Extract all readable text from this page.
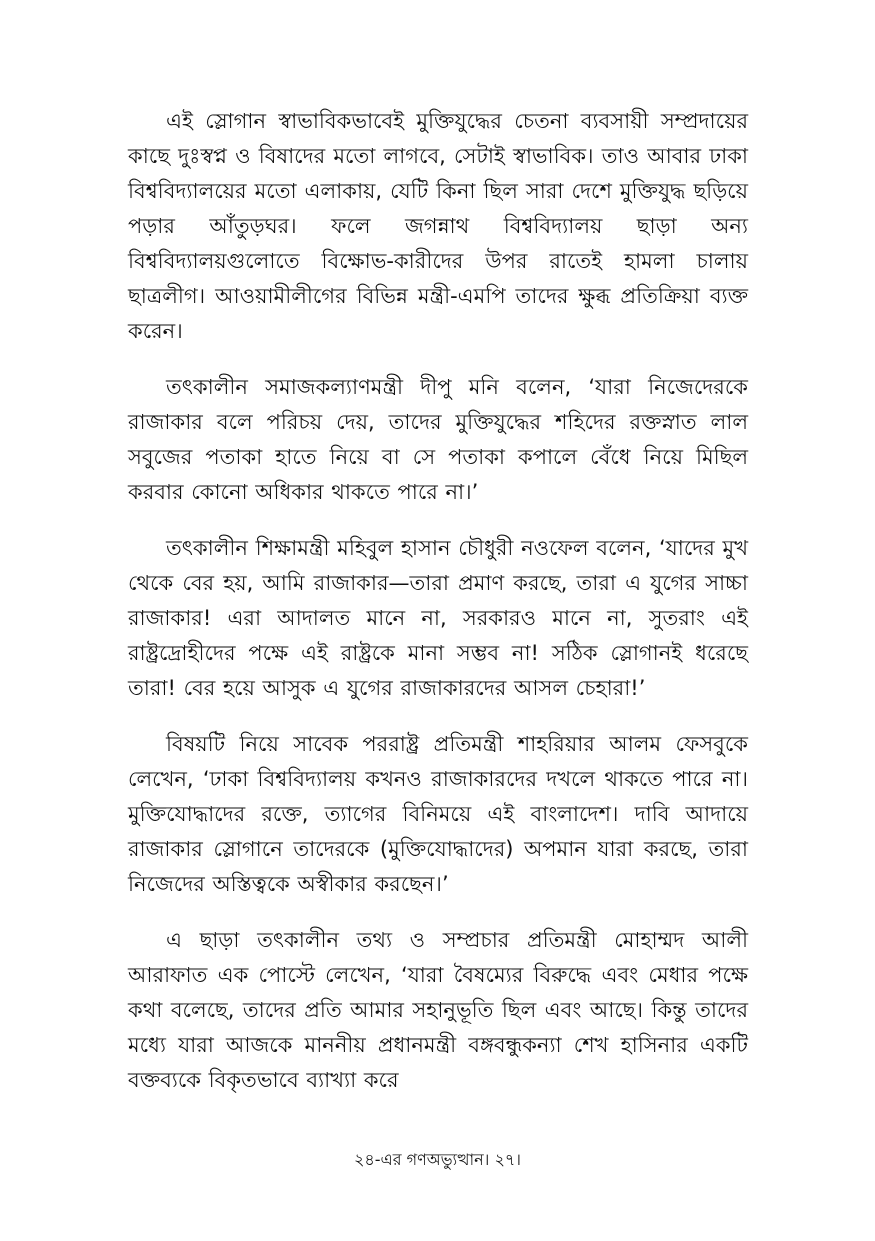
এই স্লোগান স্বাভাবিকভাবেই মুক্তিযুদ্ধের চেতনা ব্যবসায়ী সম্প্রদায়ের কাছে দুঃস্বপ্ন ও বিষাদের মতো লাগবে, সেটাই স্বাভাবিক। তাও আবার ঢাকা বিশ্ববিদ্যালয়ের মতো এলাকায়, যেটি কিনা ছিল সারা দেশে মুক্তিযুদ্ধ ছড়িয়ে পড়ার আঁতুড়ঘর। ফলে জগন্নাথ বিশ্ববিদ্যালয় ছাড়া অন্য বিশ্ববিদ্যালয়গুলোতে বিক্ষোভ-কারীদের উপর রাতেই হামলা চালায় ছাত্রলীগ। আওয়ামীলীগের বিভিন্ন মন্ত্রী-এমপি তাদের ক্ষুব্ধ প্রতিক্রিয়া ব্যক্ত করেন।

তৎকালীন সমাজকল্যাণমন্ত্রী দীপু মনি বলেন, ‘যারা নিজেদেরকে রাজাকার বলে পরিচয় দেয়, তাদের মুক্তিযুদ্ধের শহিদের রক্তস্নাত লাল সবুজের পতাকা হাতে নিয়ে বা সে পতাকা কপালে বেঁধে নিয়ে মিছিল করবার কোনো অধিকার থাকতে পারে না।’

তৎকালীন শিক্ষামন্ত্রী মহিবুল হাসান চৌধুরী নওফেল বলেন, ‘যাদের মুখ থেকে বের হয়, আমি রাজাকার—তারা প্রমাণ করছে, তারা এ যুগের সাচ্চা রাজাকার! এরা আদালত মানে না, সরকারও মানে না, সুতরাং এই রাষ্ট্রদ্রোহীদের পক্ষে এই রাষ্ট্রকে মানা সম্ভব না! সঠিক স্লোগানই ধরেছে তারা! বের হয়ে আসুক এ যুগের রাজাকারদের আসল চেহারা!’

বিষয়টি নিয়ে সাবেক পররাষ্ট্র প্রতিমন্ত্রী শাহরিয়ার আলম ফেসবুকে লেখেন, ‘ঢাকা বিশ্ববিদ্যালয় কখনও রাজাকারদের দখলে থাকতে পারে না। মুক্তিযোদ্ধাদের রক্তে, ত্যাগের বিনিময়ে এই বাংলাদেশ। দাবি আদায়ে রাজাকার স্লোগানে তাদেরকে (মুক্তিযোদ্ধাদের) অপমান যারা করছে, তারা নিজেদের অস্তিত্বকে অস্বীকার করছেন।’

এ ছাড়া তৎকালীন তথ্য ও সম্প্রচার প্রতিমন্ত্রী মোহাম্মদ আলী আরাফাত এক পোস্টে লেখেন, ‘যারা বৈষম্যের বিরুদ্ধে এবং মেধার পক্ষে কথা বলেছে, তাদের প্রতি আমার সহানুভূতি ছিল এবং আছে। কিন্তু তাদের মধ্যে যারা আজকে মাননীয় প্রধানমন্ত্রী বঙ্গবন্ধুকন্যা শেখ হাসিনার একটি বক্তব্যকে বিকৃতভাবে ব্যাখ্যা করে

২৪-এর গণঅভ্যুত্থান। ২৭।
